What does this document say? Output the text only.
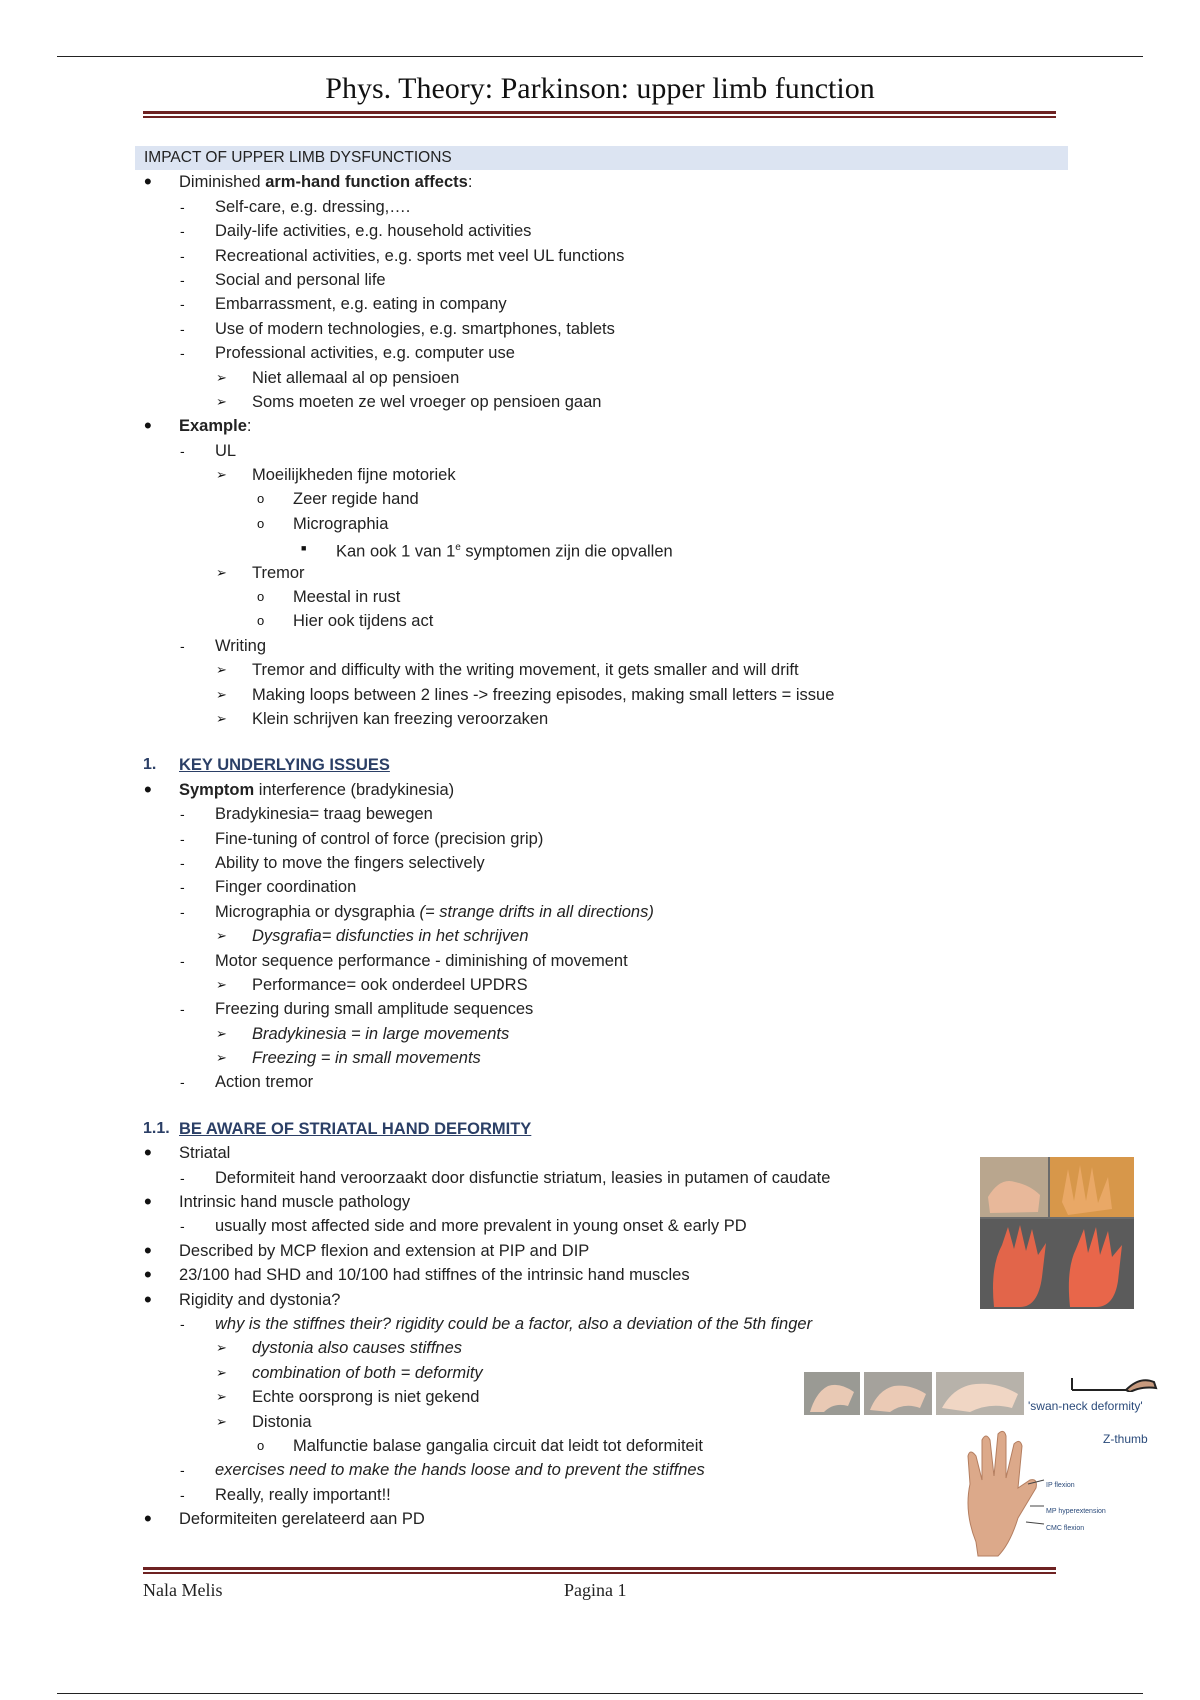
Phys. Theory: Parkinson: upper limb function
IMPACT OF UPPER LIMB DYSFUNCTIONS
• Diminished arm-hand function affects:
- Self-care, e.g. dressing,….
- Daily-life activities, e.g. household activities
- Recreational activities, e.g. sports met veel UL functions
- Social and personal life
- Embarrassment, e.g. eating in company
- Use of modern technologies, e.g. smartphones, tablets
- Professional activities, e.g. computer use
➢ Niet allemaal al op pensioen
➢ Soms moeten ze wel vroeger op pensioen gaan
• Example:
- UL
➢ Moeilijkheden fijne motoriek
o Zeer regide hand
o Micrographia
■ Kan ook 1 van 1e symptomen zijn die opvallen
➢ Tremor
o Meestal in rust
o Hier ook tijdens act
- Writing
➢ Tremor and difficulty with the writing movement, it gets smaller and will drift
➢ Making loops between 2 lines -> freezing episodes, making small letters = issue
➢ Klein schrijven kan freezing veroorzaken
1. KEY UNDERLYING ISSUES
• Symptom interference (bradykinesia)
- Bradykinesia= traag bewegen
- Fine-tuning of control of force (precision grip)
- Ability to move the fingers selectively
- Finger coordination
- Micrographia or dysgraphia (= strange drifts in all directions)
➢ Dysgrafia= disfuncties in het schrijven
- Motor sequence performance - diminishing of movement
➢ Performance= ook onderdeel UPDRS
- Freezing during small amplitude sequences
➢ Bradykinesia = in large movements
➢ Freezing = in small movements
- Action tremor
1.1. BE AWARE OF STRIATAL HAND DEFORMITY
• Striatal
- Deformiteit hand veroorzaakt door disfunctie striatum, leasies in putamen of caudate
• Intrinsic hand muscle pathology
- usually most affected side and more prevalent in young onset & early PD
• Described by MCP flexion and extension at PIP and DIP
• 23/100 had SHD and 10/100 had stiffnes of the intrinsic hand muscles
• Rigidity and dystonia?
- why is the stiffnes their? rigidity could be a factor, also a deviation of the 5th finger
➢ dystonia also causes stiffnes
➢ combination of both = deformity
➢ Echte oorsprong is niet gekend
➢ Distonia
o Malfunctie balase gangalia circuit dat leidt tot deformiteit
- exercises need to make the hands loose and to prevent the stiffnes
- Really, really important!!
• Deformiteiten gerelateerd aan PD
'swan-neck deformity'
Z-thumb
IP flexion
MP hyperextension
CMC flexion
Nala Melis	Pagina 1
